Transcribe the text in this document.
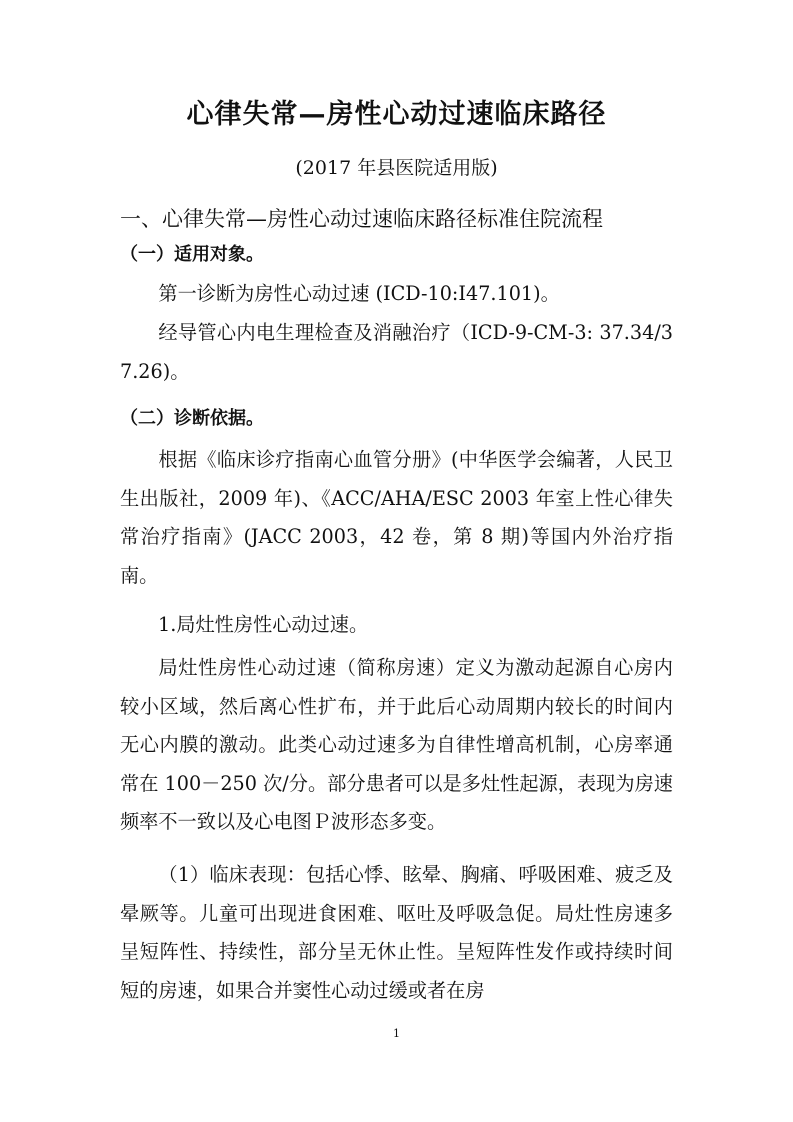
心律失常—房性心动过速临床路径

(2017 年县医院适用版)

一、心律失常—房性心动过速临床路径标准住院流程

（一）适用对象。

第一诊断为房性心动过速 (ICD-10:I47.101)。

经导管心内电生理检查及消融治疗（ICD-9-CM-3: 37.34/37.26)。

（二）诊断依据。

根据《临床诊疗指南心血管分册》(中华医学会编著，人民卫生出版社，2009 年)、《ACC/AHA/ESC 2003 年室上性心律失常治疗指南》(JACC 2003，42 卷，第 8 期)等国内外治疗指南。

1.局灶性房性心动过速。

局灶性房性心动过速（简称房速）定义为激动起源自心房内较小区域，然后离心性扩布，并于此后心动周期内较长的时间内无心内膜的激动。此类心动过速多为自律性增高机制，心房率通常在 100－250 次/分。部分患者可以是多灶性起源，表现为房速频率不一致以及心电图Ｐ波形态多变。

（1）临床表现：包括心悸、眩晕、胸痛、呼吸困难、疲乏及晕厥等。儿童可出现进食困难、呕吐及呼吸急促。局灶性房速多呈短阵性、持续性，部分呈无休止性。呈短阵性发作或持续时间短的房速，如果合并窦性心动过缓或者在房

1
